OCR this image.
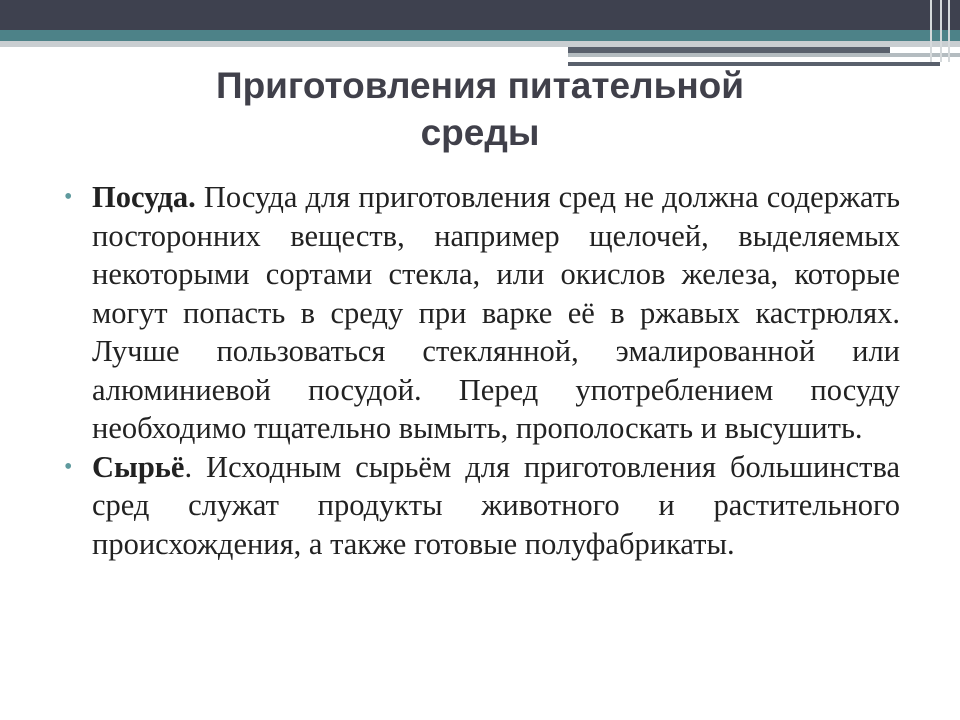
Приготовления питательной
среды
• Посуда. Посуда для приготовления сред не должна содержать посторонних веществ, например щелочей, выделяемых некоторыми сортами стекла, или окислов железа, которые могут попасть в среду при варке её в ржавых кастрюлях. Лучше пользоваться стеклянной, эмалированной или алюминиевой посудой. Перед употреблением посуду необходимо тщательно вымыть, прополоскать и высушить.

• Сырьё. Исходным сырьём для приготовления большинства сред служат продукты животного и растительного происхождения, а также готовые полуфабрикаты.
